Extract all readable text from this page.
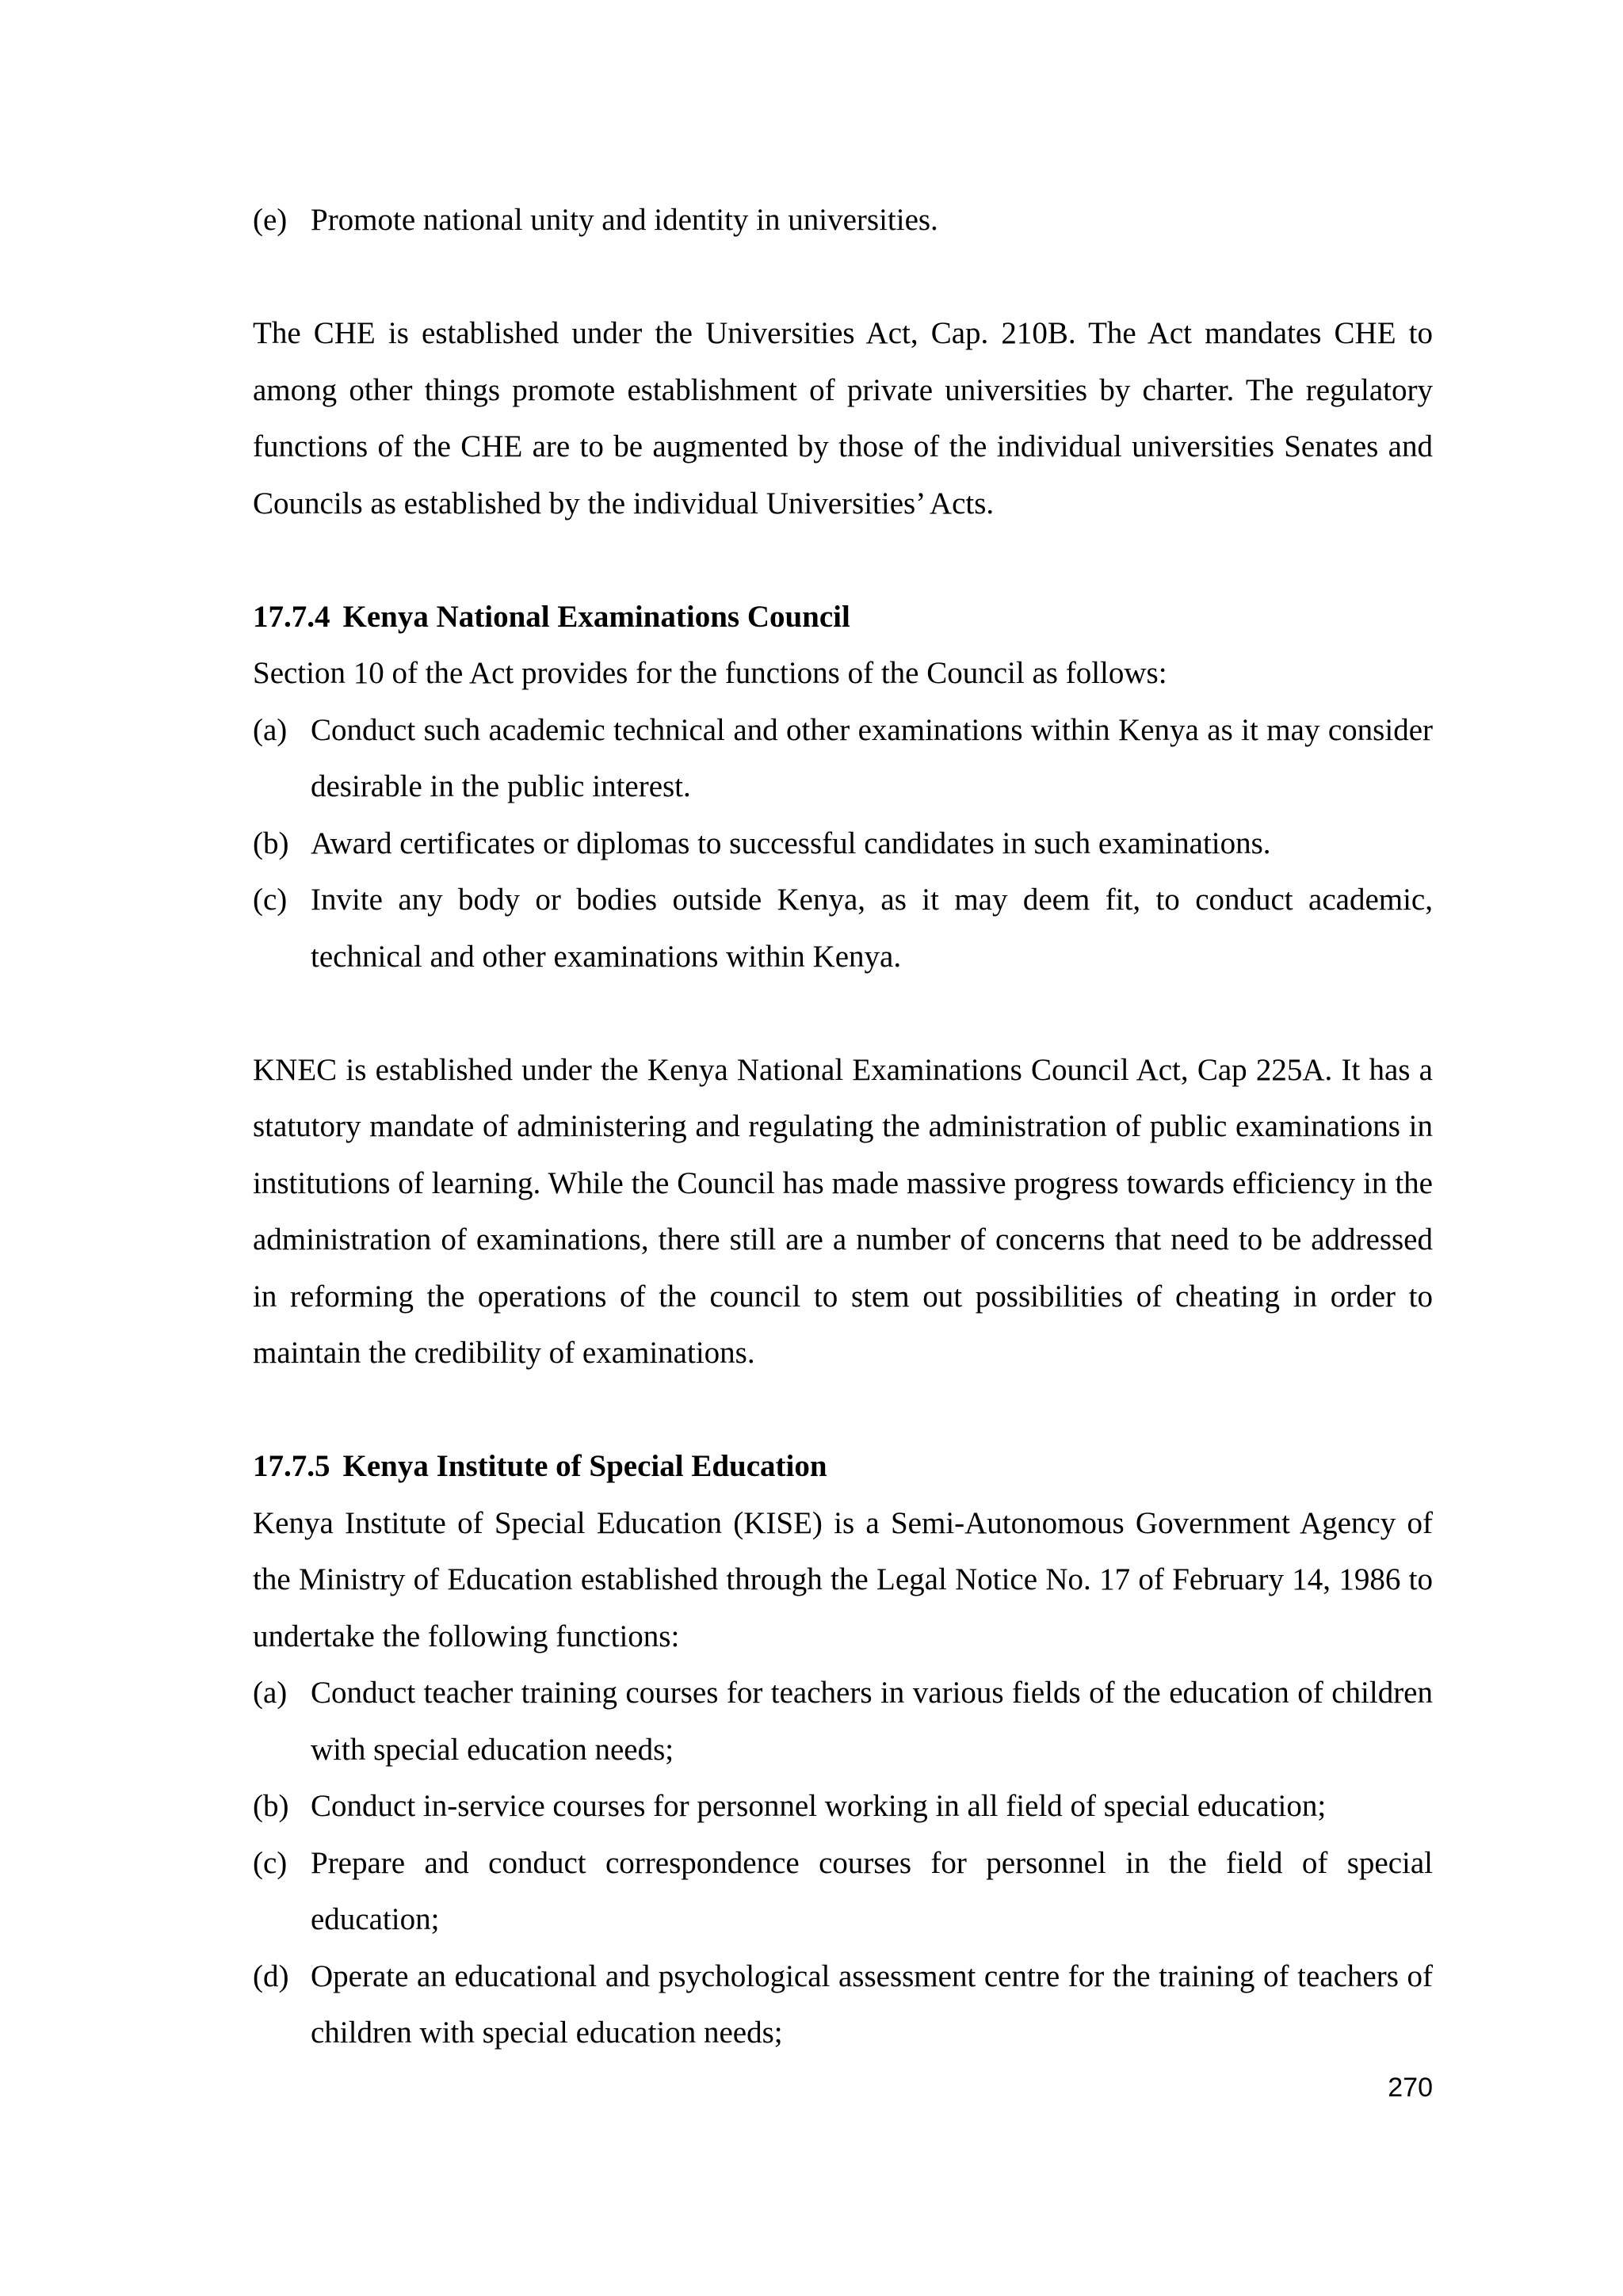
(e) Promote national unity and identity in universities.

The CHE is established under the Universities Act, Cap. 210B. The Act mandates CHE to among other things promote establishment of private universities by charter. The regulatory functions of the CHE are to be augmented by those of the individual universities Senates and Councils as established by the individual Universities’ Acts.

17.7.4 Kenya National Examinations Council

Section 10 of the Act provides for the functions of the Council as follows:

(a) Conduct such academic technical and other examinations within Kenya as it may consider desirable in the public interest.
(b) Award certificates or diplomas to successful candidates in such examinations.
(c) Invite any body or bodies outside Kenya, as it may deem fit, to conduct academic, technical and other examinations within Kenya.

KNEC is established under the Kenya National Examinations Council Act, Cap 225A. It has a statutory mandate of administering and regulating the administration of public examinations in institutions of learning. While the Council has made massive progress towards efficiency in the administration of examinations, there still are a number of concerns that need to be addressed in reforming the operations of the council to stem out possibilities of cheating in order to maintain the credibility of examinations.

17.7.5 Kenya Institute of Special Education

Kenya Institute of Special Education (KISE) is a Semi-Autonomous Government Agency of the Ministry of Education established through the Legal Notice No. 17 of February 14, 1986 to undertake the following functions:

(a) Conduct teacher training courses for teachers in various fields of the education of children with special education needs;
(b) Conduct in-service courses for personnel working in all field of special education;
(c) Prepare and conduct correspondence courses for personnel in the field of special education;
(d) Operate an educational and psychological assessment centre for the training of teachers of children with special education needs;
270
